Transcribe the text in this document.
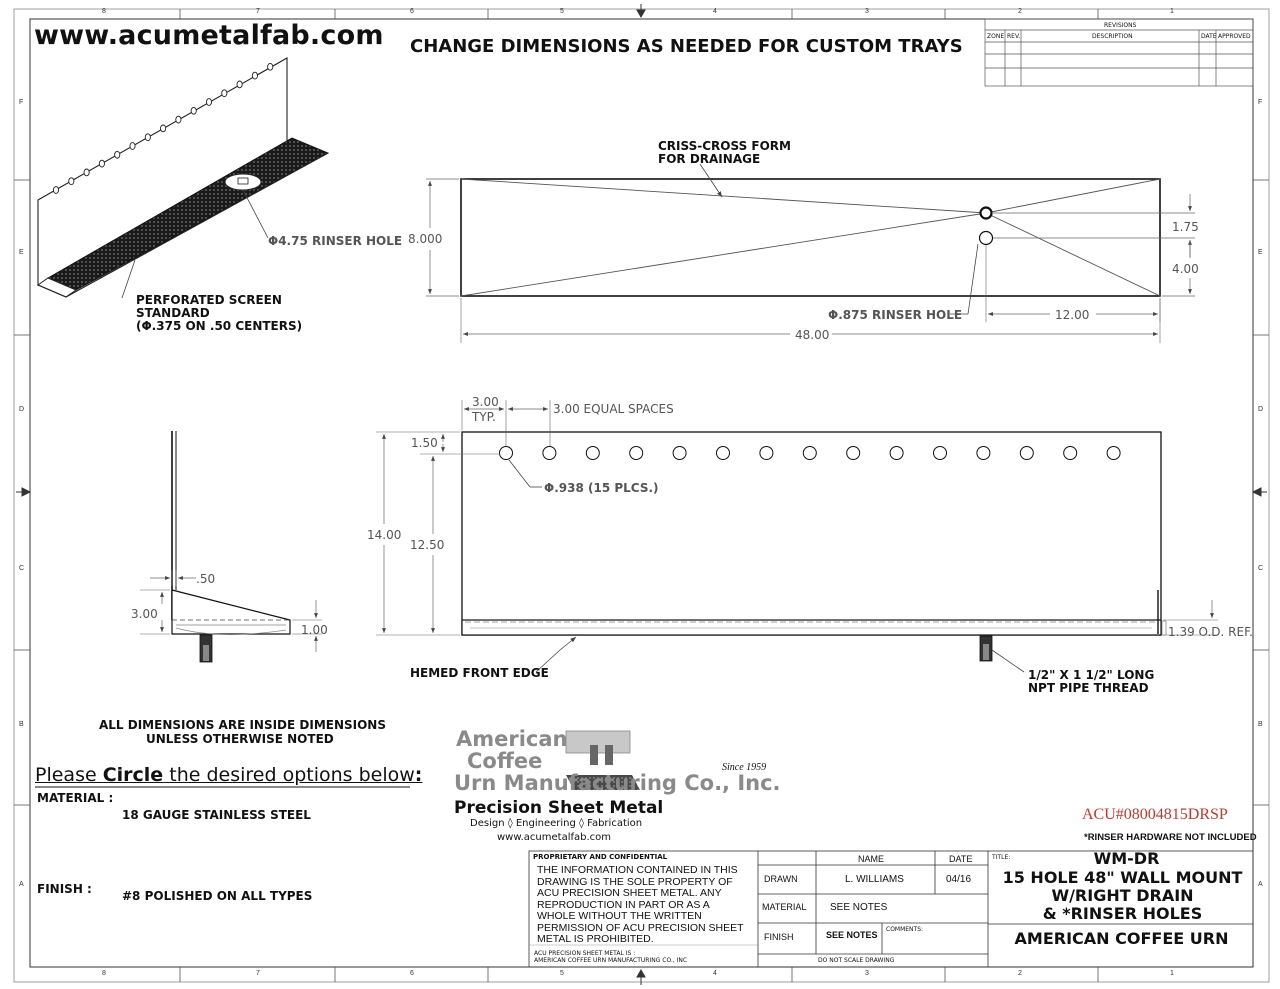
8	7	6	5	4	3	2	1
8	7	6	5	4	3	2	1
F
E
D
C
B
A
F
E
D
C
B
A
www.acumetalfab.com CHANGE DIMENSIONS AS NEEDED FOR CUSTOM TRAYS
REVISIONS
ZONE REV.	DESCRIPTION	DATE APPROVED
Φ4.75 RINSER HOLE
PERFORATED SCREEN
STANDARD
(Φ.375 ON .50 CENTERS)
CRISS-CROSS FORM
FOR DRAINAGE
8.000
1.75
4.00
Φ.875 RINSER HOLE	12.00
48.00
3.00
TYP.
3.00 EQUAL SPACES
1.50
14.00
12.50
Φ.938 (15 PLCS.)
1.39 O.D. REF.
HEMED FRONT EDGE	1/2" X 1 1/2" LONG
NPT PIPE THREAD
.50
3.00
1.00
ALL DIMENSIONS ARE INSIDE DIMENSIONS
UNLESS OTHERWISE NOTED
Please Circle the desired options below:
MATERIAL :
18 GAUGE STAINLESS STEEL
FINISH :	#8 POLISHED ON ALL TYPES
American
Coffee
Urn Manufacturing Co., Inc.
Since 1959
Precision Sheet Metal
Design ◊ Engineering ◊ Fabrication
www.acumetalfab.com
ACU#08004815DRSP
*RINSER HARDWARE NOT INCLUDED
PROPRIETARY AND CONFIDENTIAL
THE INFORMATION CONTAINED IN THIS DRAWING IS THE SOLE PROPERTY OF ACU PRECISION SHEET METAL. ANY REPRODUCTION IN PART OR AS A WHOLE WITHOUT THE WRITTEN PERMISSION OF ACU PRECISION SHEET METAL IS PROHIBITED.
ACU PRECISION SHEET METAL IS :
AMERICAN COFFEE URN MANUFACTURING CO., INC
NAME	DATE
DRAWN	L. WILLIAMS	04/16
MATERIAL SEE NOTES
FINISH	SEE NOTES
COMMENTS:
DO NOT SCALE DRAWING
TITLE:	WM-DR
15 HOLE 48" WALL MOUNT
W/RIGHT DRAIN
& *RINSER HOLES
AMERICAN COFFEE URN
